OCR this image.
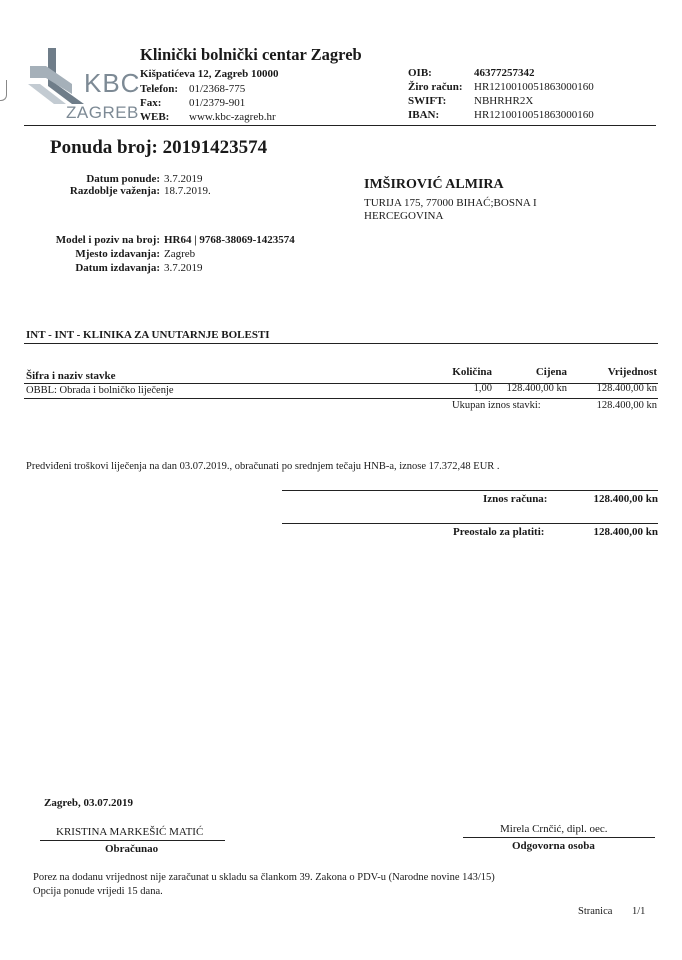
KBC
ZAGREB
Klinički bolnički centar Zagreb
Kišpatićeva 12, Zagreb 10000
Telefon: 01/2368-775
Fax:	01/2379-901
WEB: www.kbc-zagreb.hr
OIB:	46377257342
Žiro račun: HR1210010051863000160
SWIFT:	NBHRHR2X
IBAN:	HR1210010051863000160
Ponuda broj: 20191423574
Datum ponude: 3.7.2019
Razdoblje važenja: 18.7.2019.	IMŠIROVIĆ ALMIRA
TURIJA 175, 77000 BIHAĆ;BOSNA I
HERCEGOVINA
Model i poziv na broj: HR64 | 9768-38069-1423574
Mjesto izdavanja: Zagreb
Datum izdavanja: 3.7.2019
INT - INT - KLINIKA ZA UNUTARNJE BOLESTI
Šifra i naziv stavke	Količina	Cijena	Vrijednost
OBBL: Obrada i bolničko liječenje	1,00 128.400,00 kn	128.400,00 kn
Ukupan iznos stavki:	128.400,00 kn
Predviđeni troškovi liječenja na dan 03.07.2019., obračunati po srednjem tečaju HNB-a, iznose 17.372,48 EUR .
Iznos računa:	128.400,00 kn
Preostalo za platiti:	128.400,00 kn
Zagreb, 03.07.2019
KRISTINA MARKEŠIĆ MATIĆ
Obračunao
Mirela Crnčić, dipl. oec.
Odgovorna osoba
Porez na dodanu vrijednost nije zaračunat u skladu sa člankom 39. Zakona o PDV-u (Narodne novine 143/15)
Opcija ponude vrijedi 15 dana.
Stranica 1/1
